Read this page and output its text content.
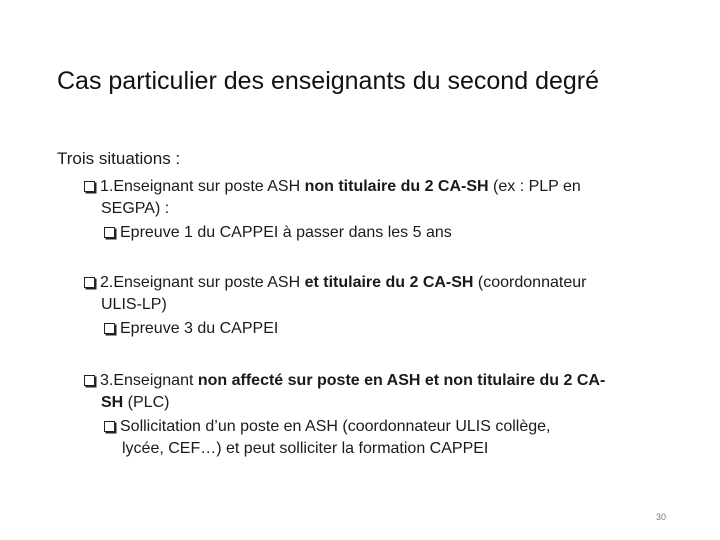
Cas particulier des enseignants du second degré
Trois situations :
1.Enseignant sur poste ASH non titulaire du 2 CA-SH (ex : PLP en
SEGPA) :
Epreuve 1 du CAPPEI à passer dans les 5 ans
2.Enseignant sur poste ASH et titulaire du 2 CA-SH (coordonnateur
ULIS-LP)
Epreuve 3 du CAPPEI
3.Enseignant non affecté sur poste en ASH et non titulaire du 2 CA-
SH (PLC)
Sollicitation d’un poste en ASH (coordonnateur ULIS collège,
lycée, CEF…) et peut solliciter la formation CAPPEI
30
